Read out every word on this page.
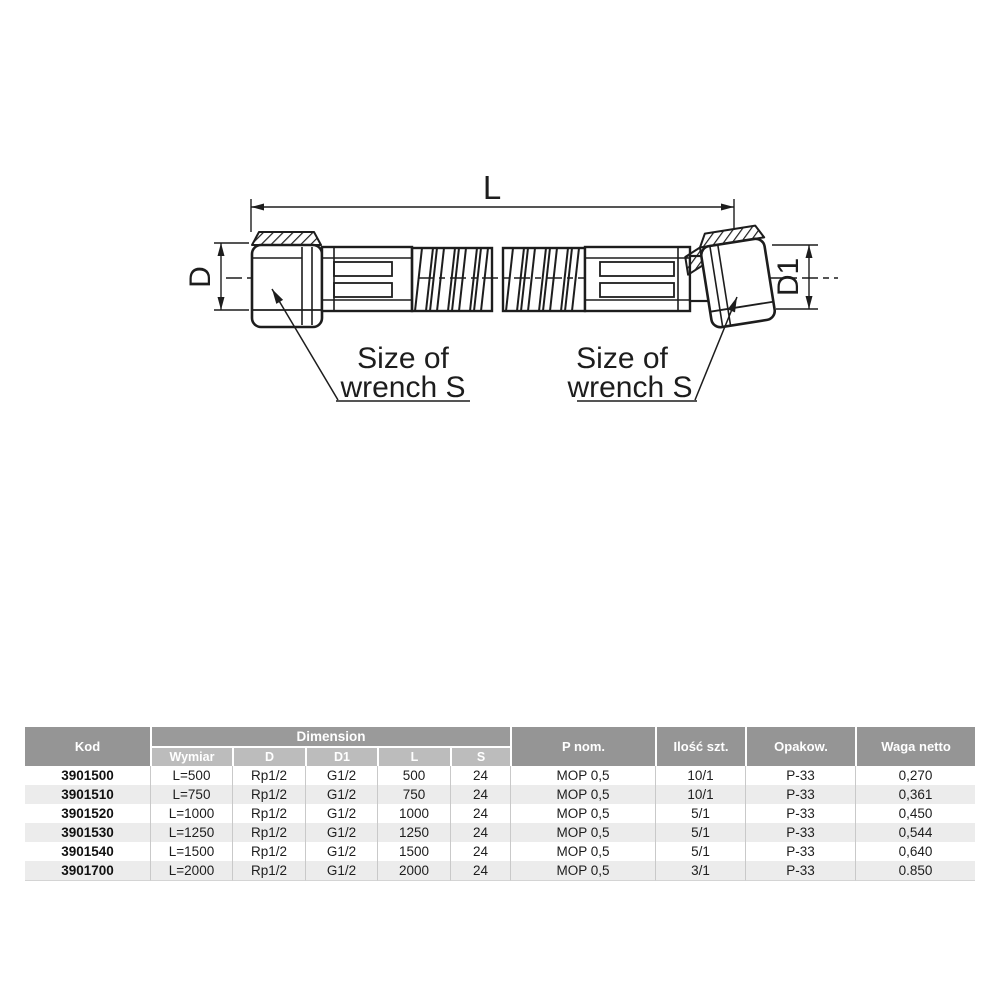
L
D	D1
Size of
wrench S
Size of
wrench S
Kod	Dimension					P nom.	Ilość szt.	Opakow.	Waga netto
	Wymiar	D	D1	L	S				
3901500	L=500	Rp1/2	G1/2	500	24	MOP 0,5	10/1	P-33	0,270
3901510	L=750	Rp1/2	G1/2	750	24	MOP 0,5	10/1	P-33	0,361
3901520	L=1000	Rp1/2	G1/2	1000	24	MOP 0,5	5/1	P-33	0,450
3901530	L=1250	Rp1/2	G1/2	1250	24	MOP 0,5	5/1	P-33	0,544
3901540	L=1500	Rp1/2	G1/2	1500	24	MOP 0,5	5/1	P-33	0,640
3901700	L=2000	Rp1/2	G1/2	2000	24	MOP 0,5	3/1	P-33	0.850
